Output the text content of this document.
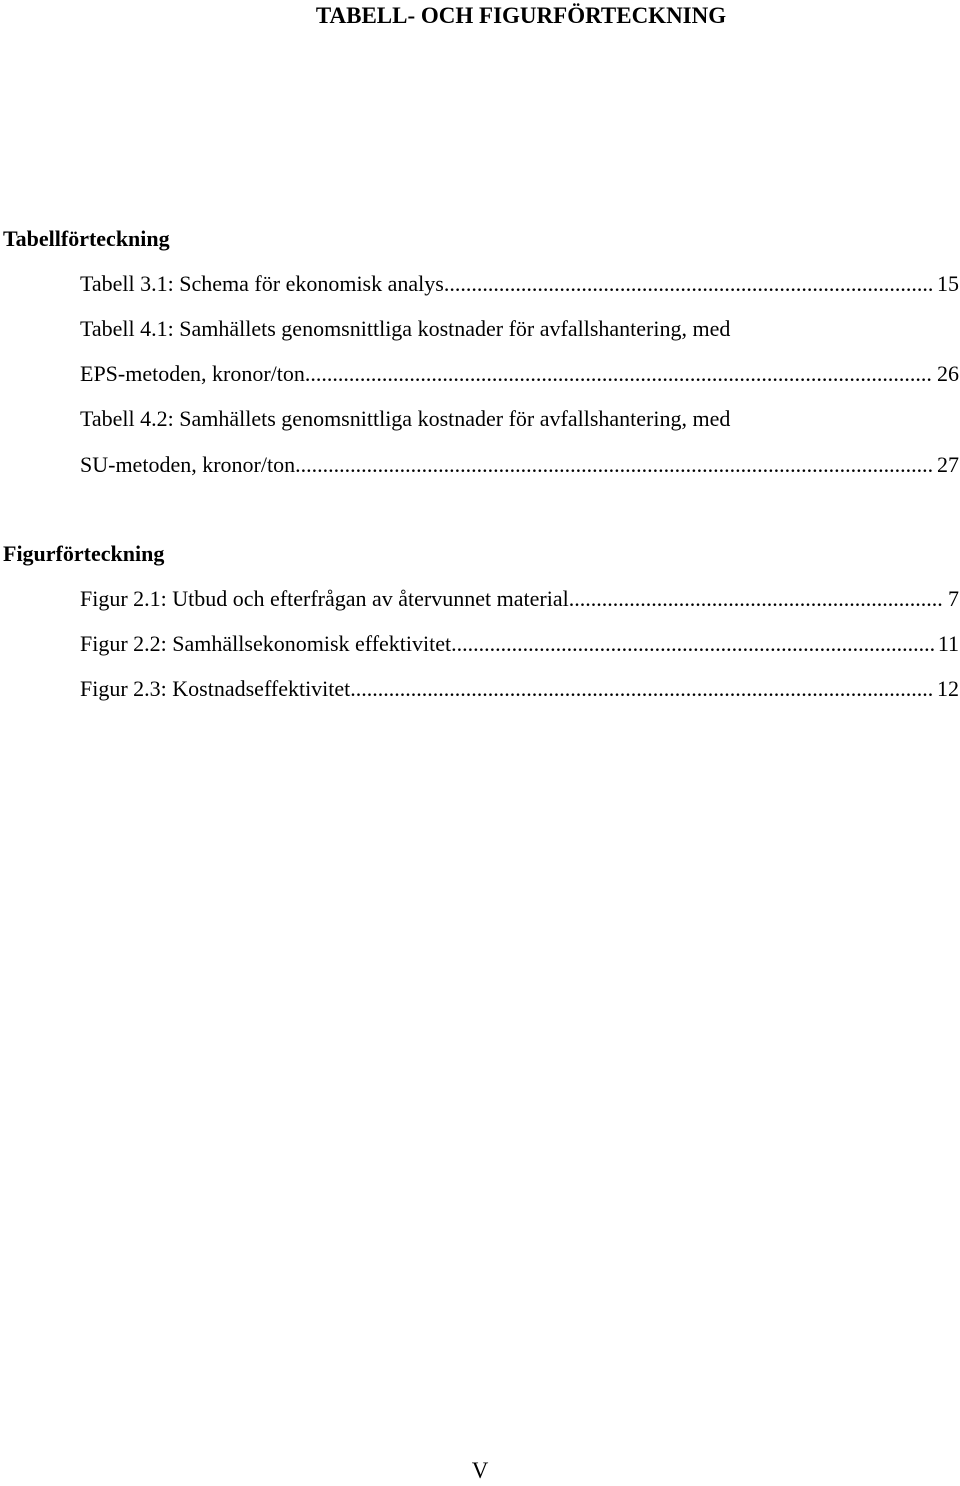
TABELL- OCH FIGURFÖRTECKNING
Tabellförteckning
Tabell 3.1: Schema för ekonomisk analys .....	15
Tabell 4.1: Samhällets genomsnittliga kostnader för avfallshantering, med
EPS-metoden, kronor/ton .....	26
Tabell 4.2: Samhällets genomsnittliga kostnader för avfallshantering, med
SU-metoden, kronor/ton .....	27
Figurförteckning
Figur 2.1: Utbud och efterfrågan av återvunnet material .....	7
Figur 2.2: Samhällsekonomisk effektivitet .....	11
Figur 2.3: Kostnadseffektivitet .....	12
V
